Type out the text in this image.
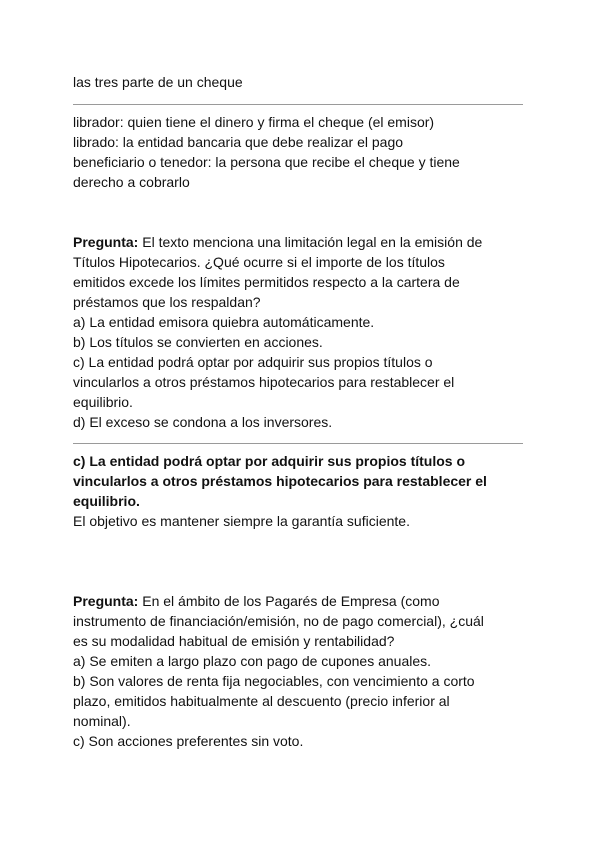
las tres parte de un cheque

librador: quien tiene el dinero y firma el cheque (el emisor)

librado: la entidad bancaria que debe realizar el pago

beneficiario o tenedor: la persona que recibe el cheque y tiene

derecho a cobrarlo

Pregunta: El texto menciona una limitación legal en la emisión de

Títulos Hipotecarios. ¿Qué ocurre si el importe de los títulos

emitidos excede los límites permitidos respecto a la cartera de

préstamos que los respaldan?

a) La entidad emisora quiebra automáticamente.

b) Los títulos se convierten en acciones.

c) La entidad podrá optar por adquirir sus propios títulos o

vincularlos a otros préstamos hipotecarios para restablecer el

equilibrio.

d) El exceso se condona a los inversores.

c) La entidad podrá optar por adquirir sus propios títulos o

vincularlos a otros préstamos hipotecarios para restablecer el

equilibrio.

El objetivo es mantener siempre la garantía suficiente.

Pregunta: En el ámbito de los Pagarés de Empresa (como

instrumento de financiación/emisión, no de pago comercial), ¿cuál

es su modalidad habitual de emisión y rentabilidad?

a) Se emiten a largo plazo con pago de cupones anuales.

b) Son valores de renta fija negociables, con vencimiento a corto

plazo, emitidos habitualmente al descuento (precio inferior al

nominal).

c) Son acciones preferentes sin voto.
